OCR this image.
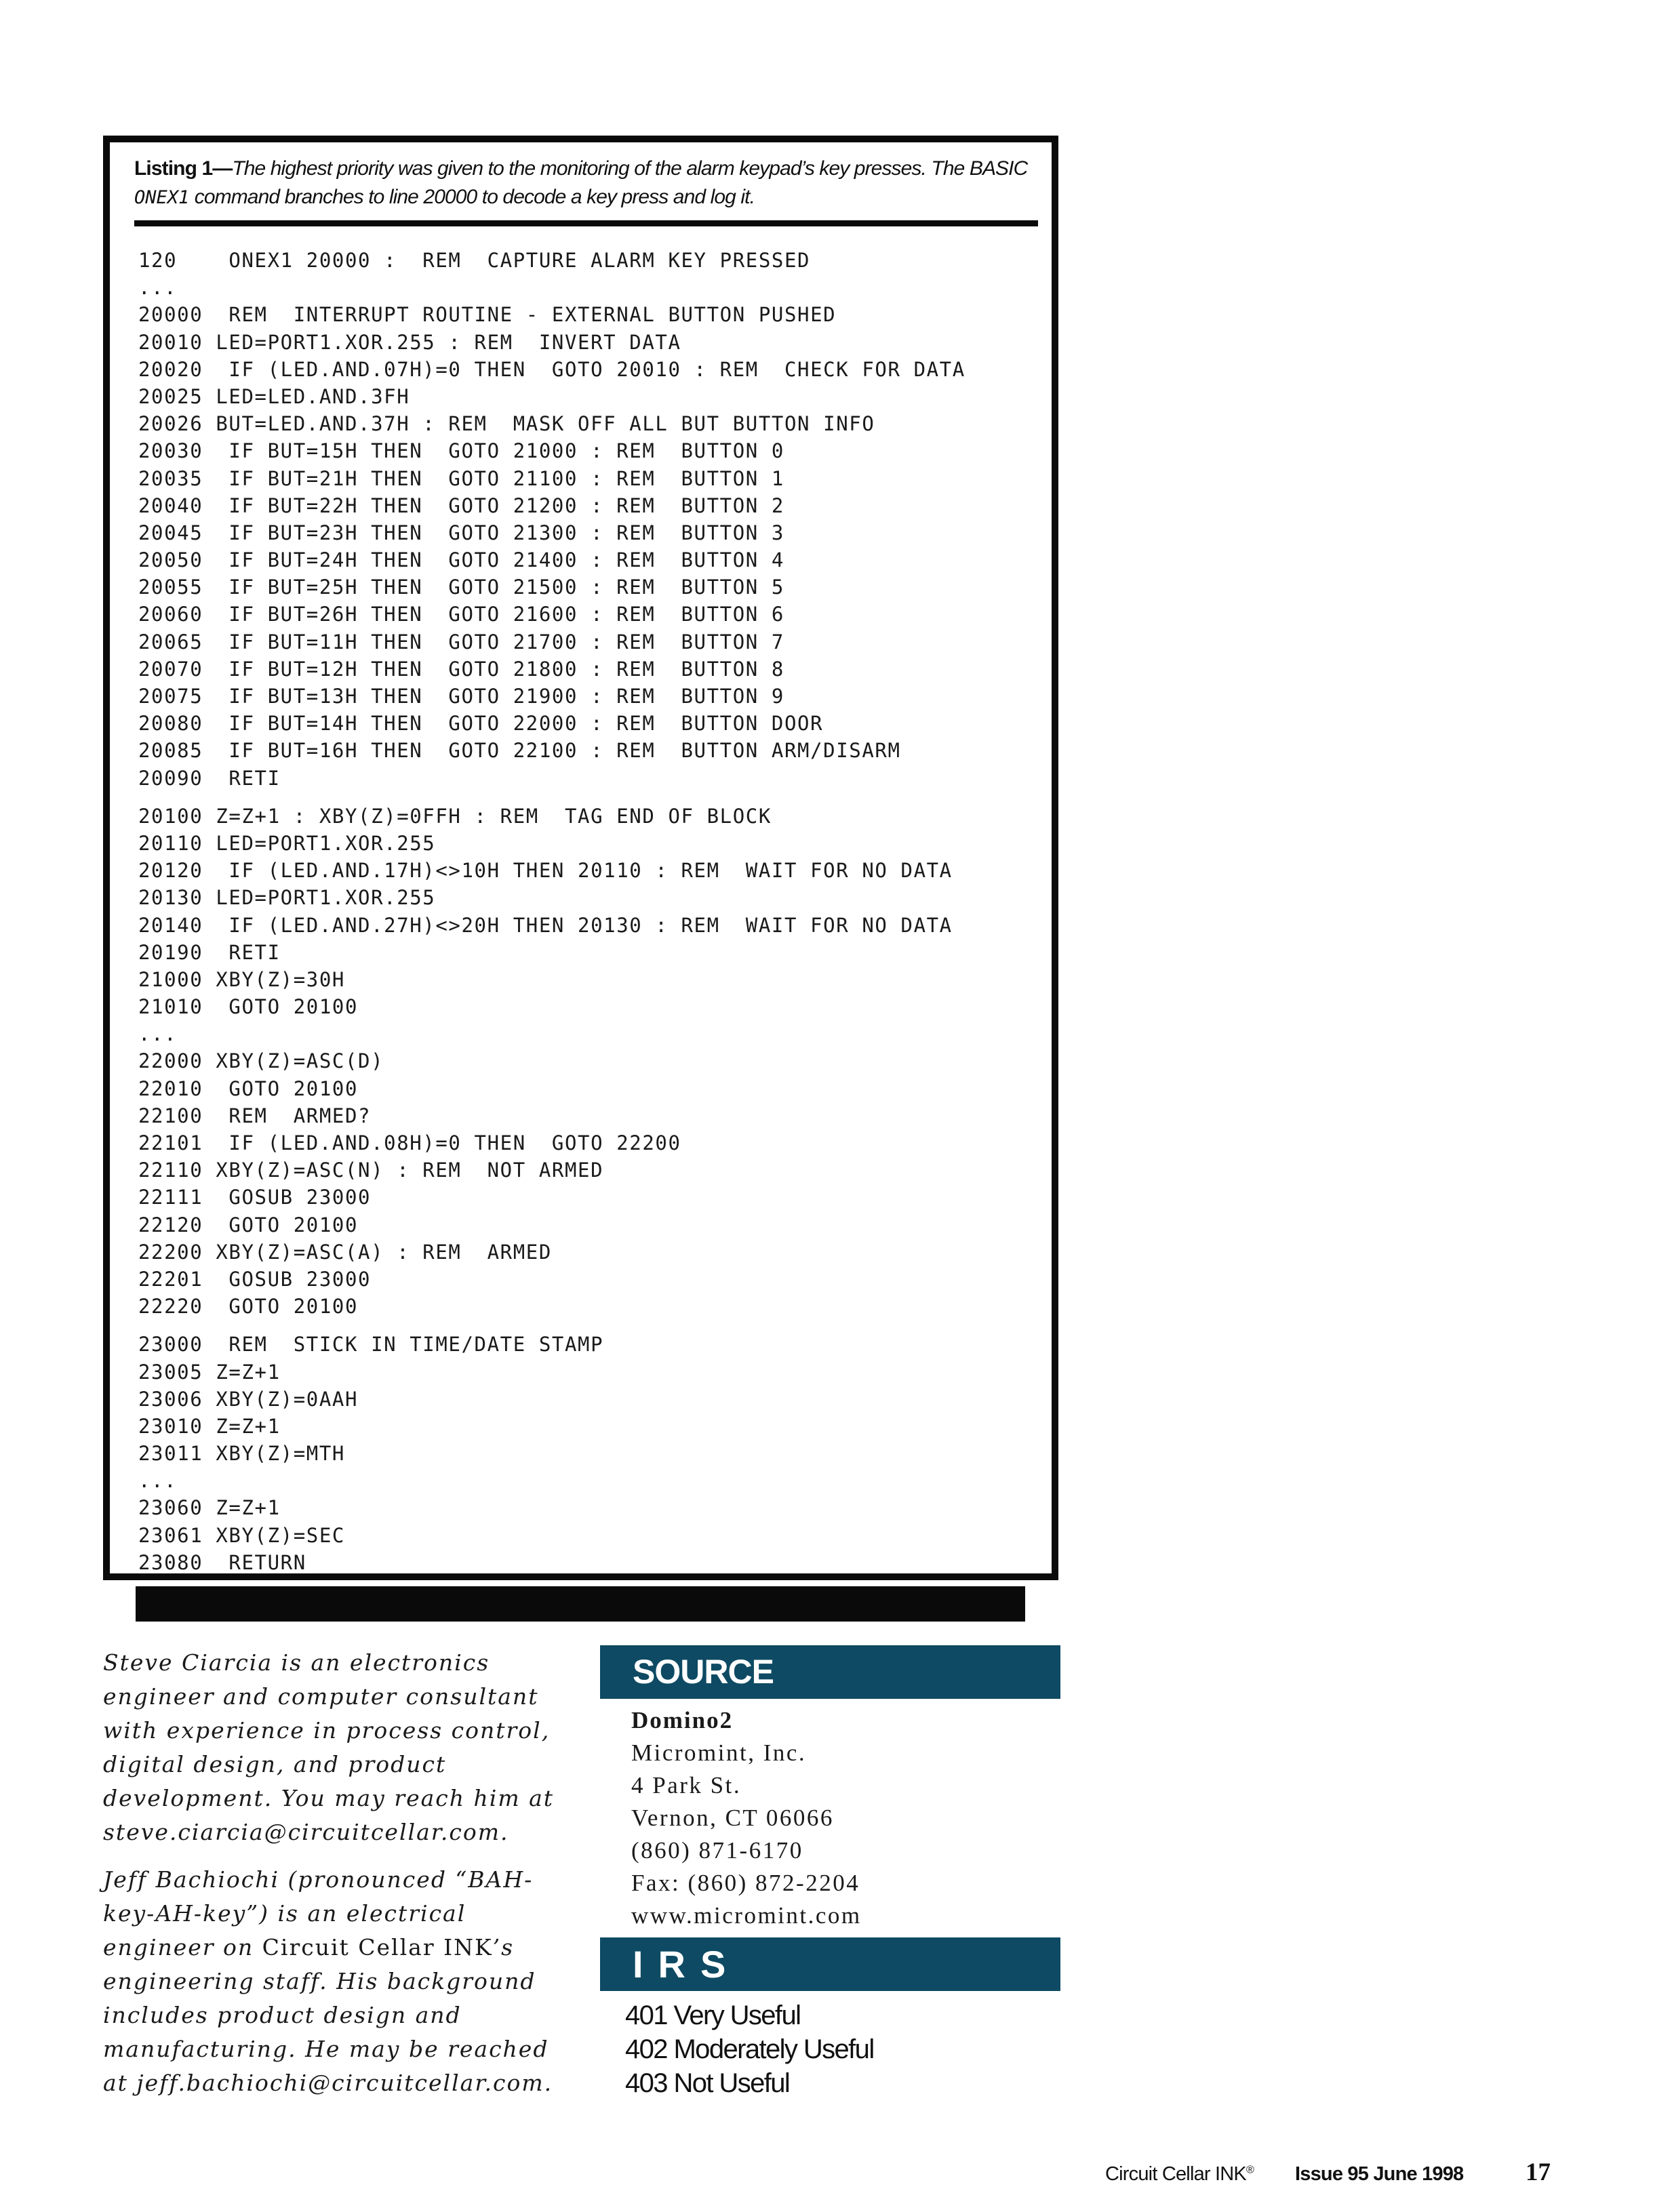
Listing 1—The highest priority was given to the monitoring of the alarm keypad’s key presses. The BASIC ONEX1 command branches to line 20000 to decode a key press and log it.
120    ONEX1 20000 :  REM  CAPTURE ALARM KEY PRESSED
...
20000  REM  INTERRUPT ROUTINE - EXTERNAL BUTTON PUSHED
20010 LED=PORT1.XOR.255 : REM  INVERT DATA
20020  IF (LED.AND.07H)=0 THEN  GOTO 20010 : REM  CHECK FOR DATA
20025 LED=LED.AND.3FH
20026 BUT=LED.AND.37H : REM  MASK OFF ALL BUT BUTTON INFO
20030  IF BUT=15H THEN  GOTO 21000 : REM  BUTTON 0
20035  IF BUT=21H THEN  GOTO 21100 : REM  BUTTON 1
20040  IF BUT=22H THEN  GOTO 21200 : REM  BUTTON 2
20045  IF BUT=23H THEN  GOTO 21300 : REM  BUTTON 3
20050  IF BUT=24H THEN  GOTO 21400 : REM  BUTTON 4
20055  IF BUT=25H THEN  GOTO 21500 : REM  BUTTON 5
20060  IF BUT=26H THEN  GOTO 21600 : REM  BUTTON 6
20065  IF BUT=11H THEN  GOTO 21700 : REM  BUTTON 7
20070  IF BUT=12H THEN  GOTO 21800 : REM  BUTTON 8
20075  IF BUT=13H THEN  GOTO 21900 : REM  BUTTON 9
20080  IF BUT=14H THEN  GOTO 22000 : REM  BUTTON DOOR
20085  IF BUT=16H THEN  GOTO 22100 : REM  BUTTON ARM/DISARM
20090  RETI
20100 Z=Z+1 : XBY(Z)=0FFH : REM  TAG END OF BLOCK
20110 LED=PORT1.XOR.255
20120  IF (LED.AND.17H)<>10H THEN 20110 : REM  WAIT FOR NO DATA
20130 LED=PORT1.XOR.255
20140  IF (LED.AND.27H)<>20H THEN 20130 : REM  WAIT FOR NO DATA
20190  RETI
21000 XBY(Z)=30H
21010  GOTO 20100
...
22000 XBY(Z)=ASC(D)
22010  GOTO 20100
22100  REM  ARMED?
22101  IF (LED.AND.08H)=0 THEN  GOTO 22200
22110 XBY(Z)=ASC(N) : REM  NOT ARMED
22111  GOSUB 23000
22120  GOTO 20100
22200 XBY(Z)=ASC(A) : REM  ARMED
22201  GOSUB 23000
22220  GOTO 20100
23000  REM  STICK IN TIME/DATE STAMP
23005 Z=Z+1
23006 XBY(Z)=0AAH
23010 Z=Z+1
23011 XBY(Z)=MTH
...
23060 Z=Z+1
23061 XBY(Z)=SEC
23080  RETURN

Steve Ciarcia is an electronics engineer and computer consultant with experience in process control, digital design, and product development. You may reach him at steve.ciarcia@circuitcellar.com.

Jeff Bachiochi (pronounced “BAH-key-AH-key”) is an electrical engineer on Circuit Cellar INK’s engineering staff. His background includes product design and manufacturing. He may be reached at jeff.bachiochi@circuitcellar.com.

SOURCE
Domino2
Micromint, Inc.
4 Park St.
Vernon, CT 06066
(860) 871-6170
Fax: (860) 872-2204
www.micromint.com
IRS
401 Very Useful
402 Moderately Useful
403 Not Useful
Circuit Cellar INK® Issue 95 June 1998 17
